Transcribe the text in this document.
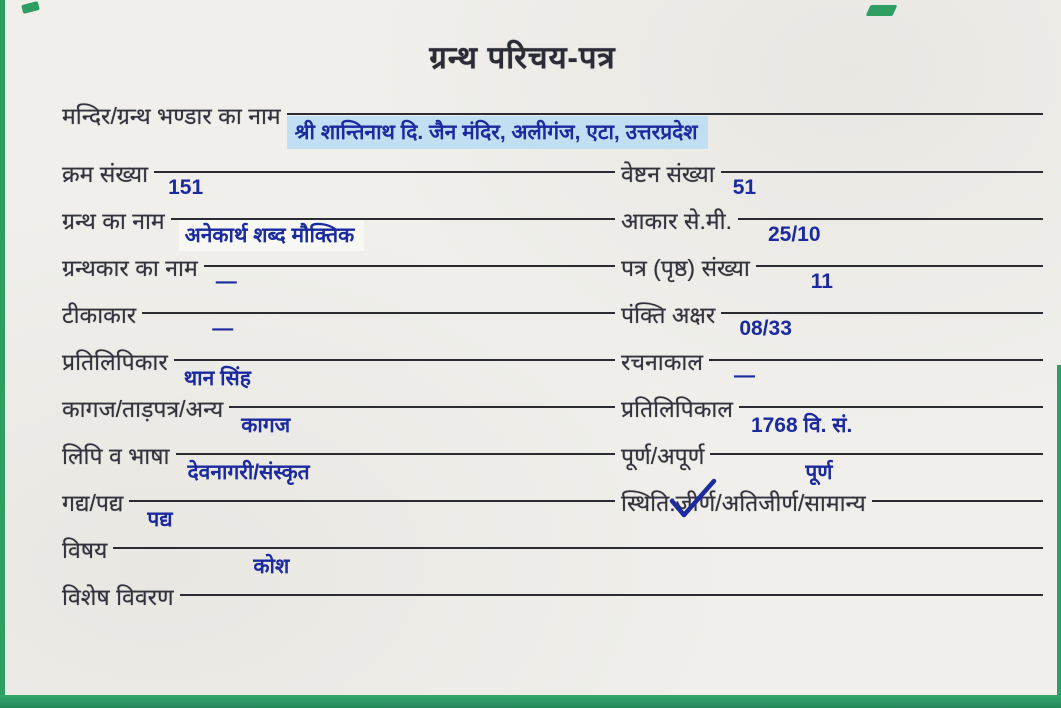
ग्रन्थ परिचय-पत्र
मन्दिर/ग्रन्थ भण्डार का नाम
श्री शान्तिनाथ दि. जैन मंदिर, अलीगंज, एटा, उत्तरप्रदेश
क्रम संख्या
151
वेष्टन संख्या
51
ग्रन्थ का नाम
अनेकार्थ शब्द मौक्तिक
आकार से.मी.
25/10
ग्रन्थकार का नाम
—
पत्र (पृष्ठ) संख्या
11
टीकाकार
—
पंक्ति अक्षर
08/33
प्रतिलिपिकार
थान सिंह
रचनाकाल
—
कागज/ताड़पत्र/अन्य
कागज
प्रतिलिपिकाल
1768 वि. सं.
लिपि व भाषा
देवनागरी/संस्कृत
पूर्ण/अपूर्ण
पूर्ण
गद्य/पद्य
पद्य
स्थिति:
जीर्ण/अतिजीर्ण/सामान्य
विषय
कोश
विशेष विवरण
